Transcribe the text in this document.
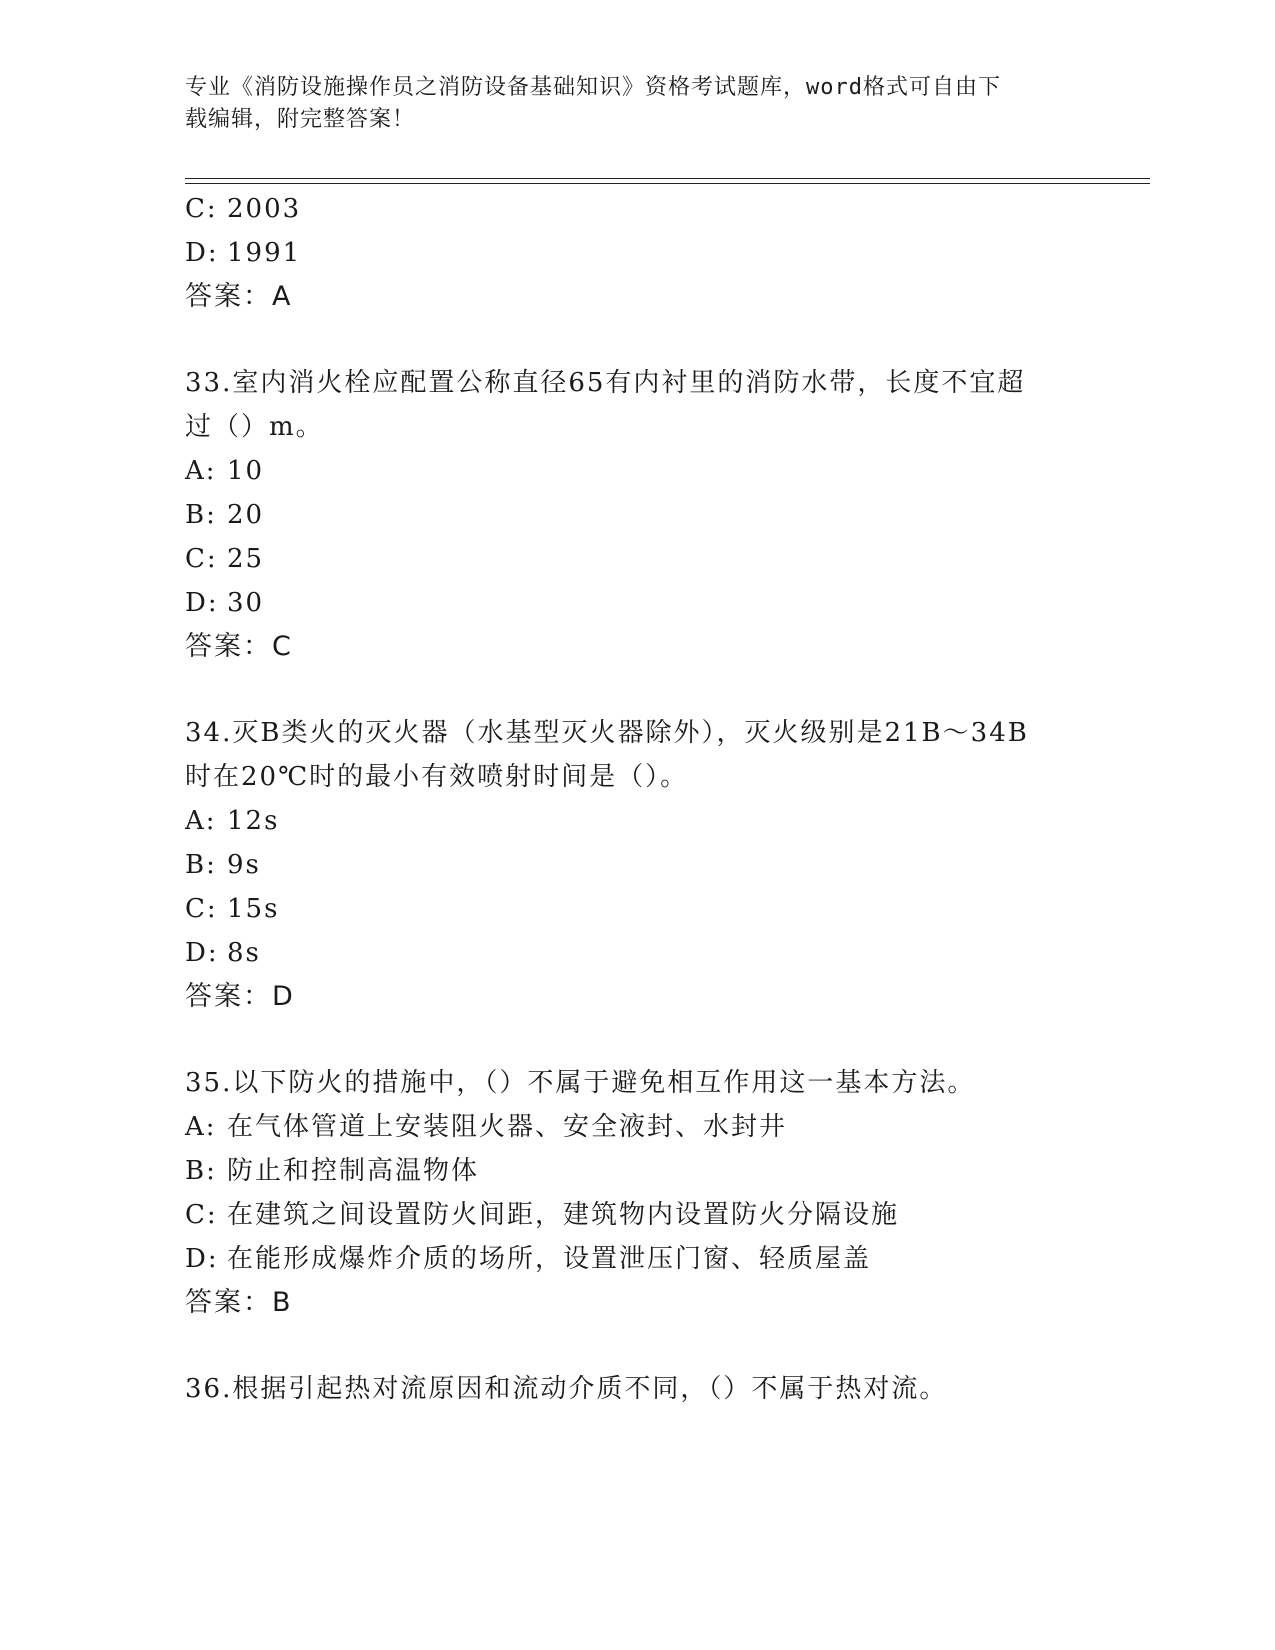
专业《消防设施操作员之消防设备基础知识》资格考试题库，word格式可自由下
载编辑，附完整答案！
C: 2003
D: 1991
答案：A
33.室内消火栓应配置公称直径65有内衬里的消防水带，长度不宜超
过（）m。
A: 10
B: 20
C: 25
D: 30
答案：C
34.灭B类火的灭火器（水基型灭火器除外），灭火级别是21B～34B
时在20℃时的最小有效喷射时间是（）。
A: 12s
B: 9s
C: 15s
D: 8s
答案：D
35.以下防火的措施中，（）不属于避免相互作用这一基本方法。
A: 在气体管道上安装阻火器、安全液封、水封井
B: 防止和控制高温物体
C: 在建筑之间设置防火间距，建筑物内设置防火分隔设施
D: 在能形成爆炸介质的场所，设置泄压门窗、轻质屋盖
答案：B
36.根据引起热对流原因和流动介质不同，（）不属于热对流。
